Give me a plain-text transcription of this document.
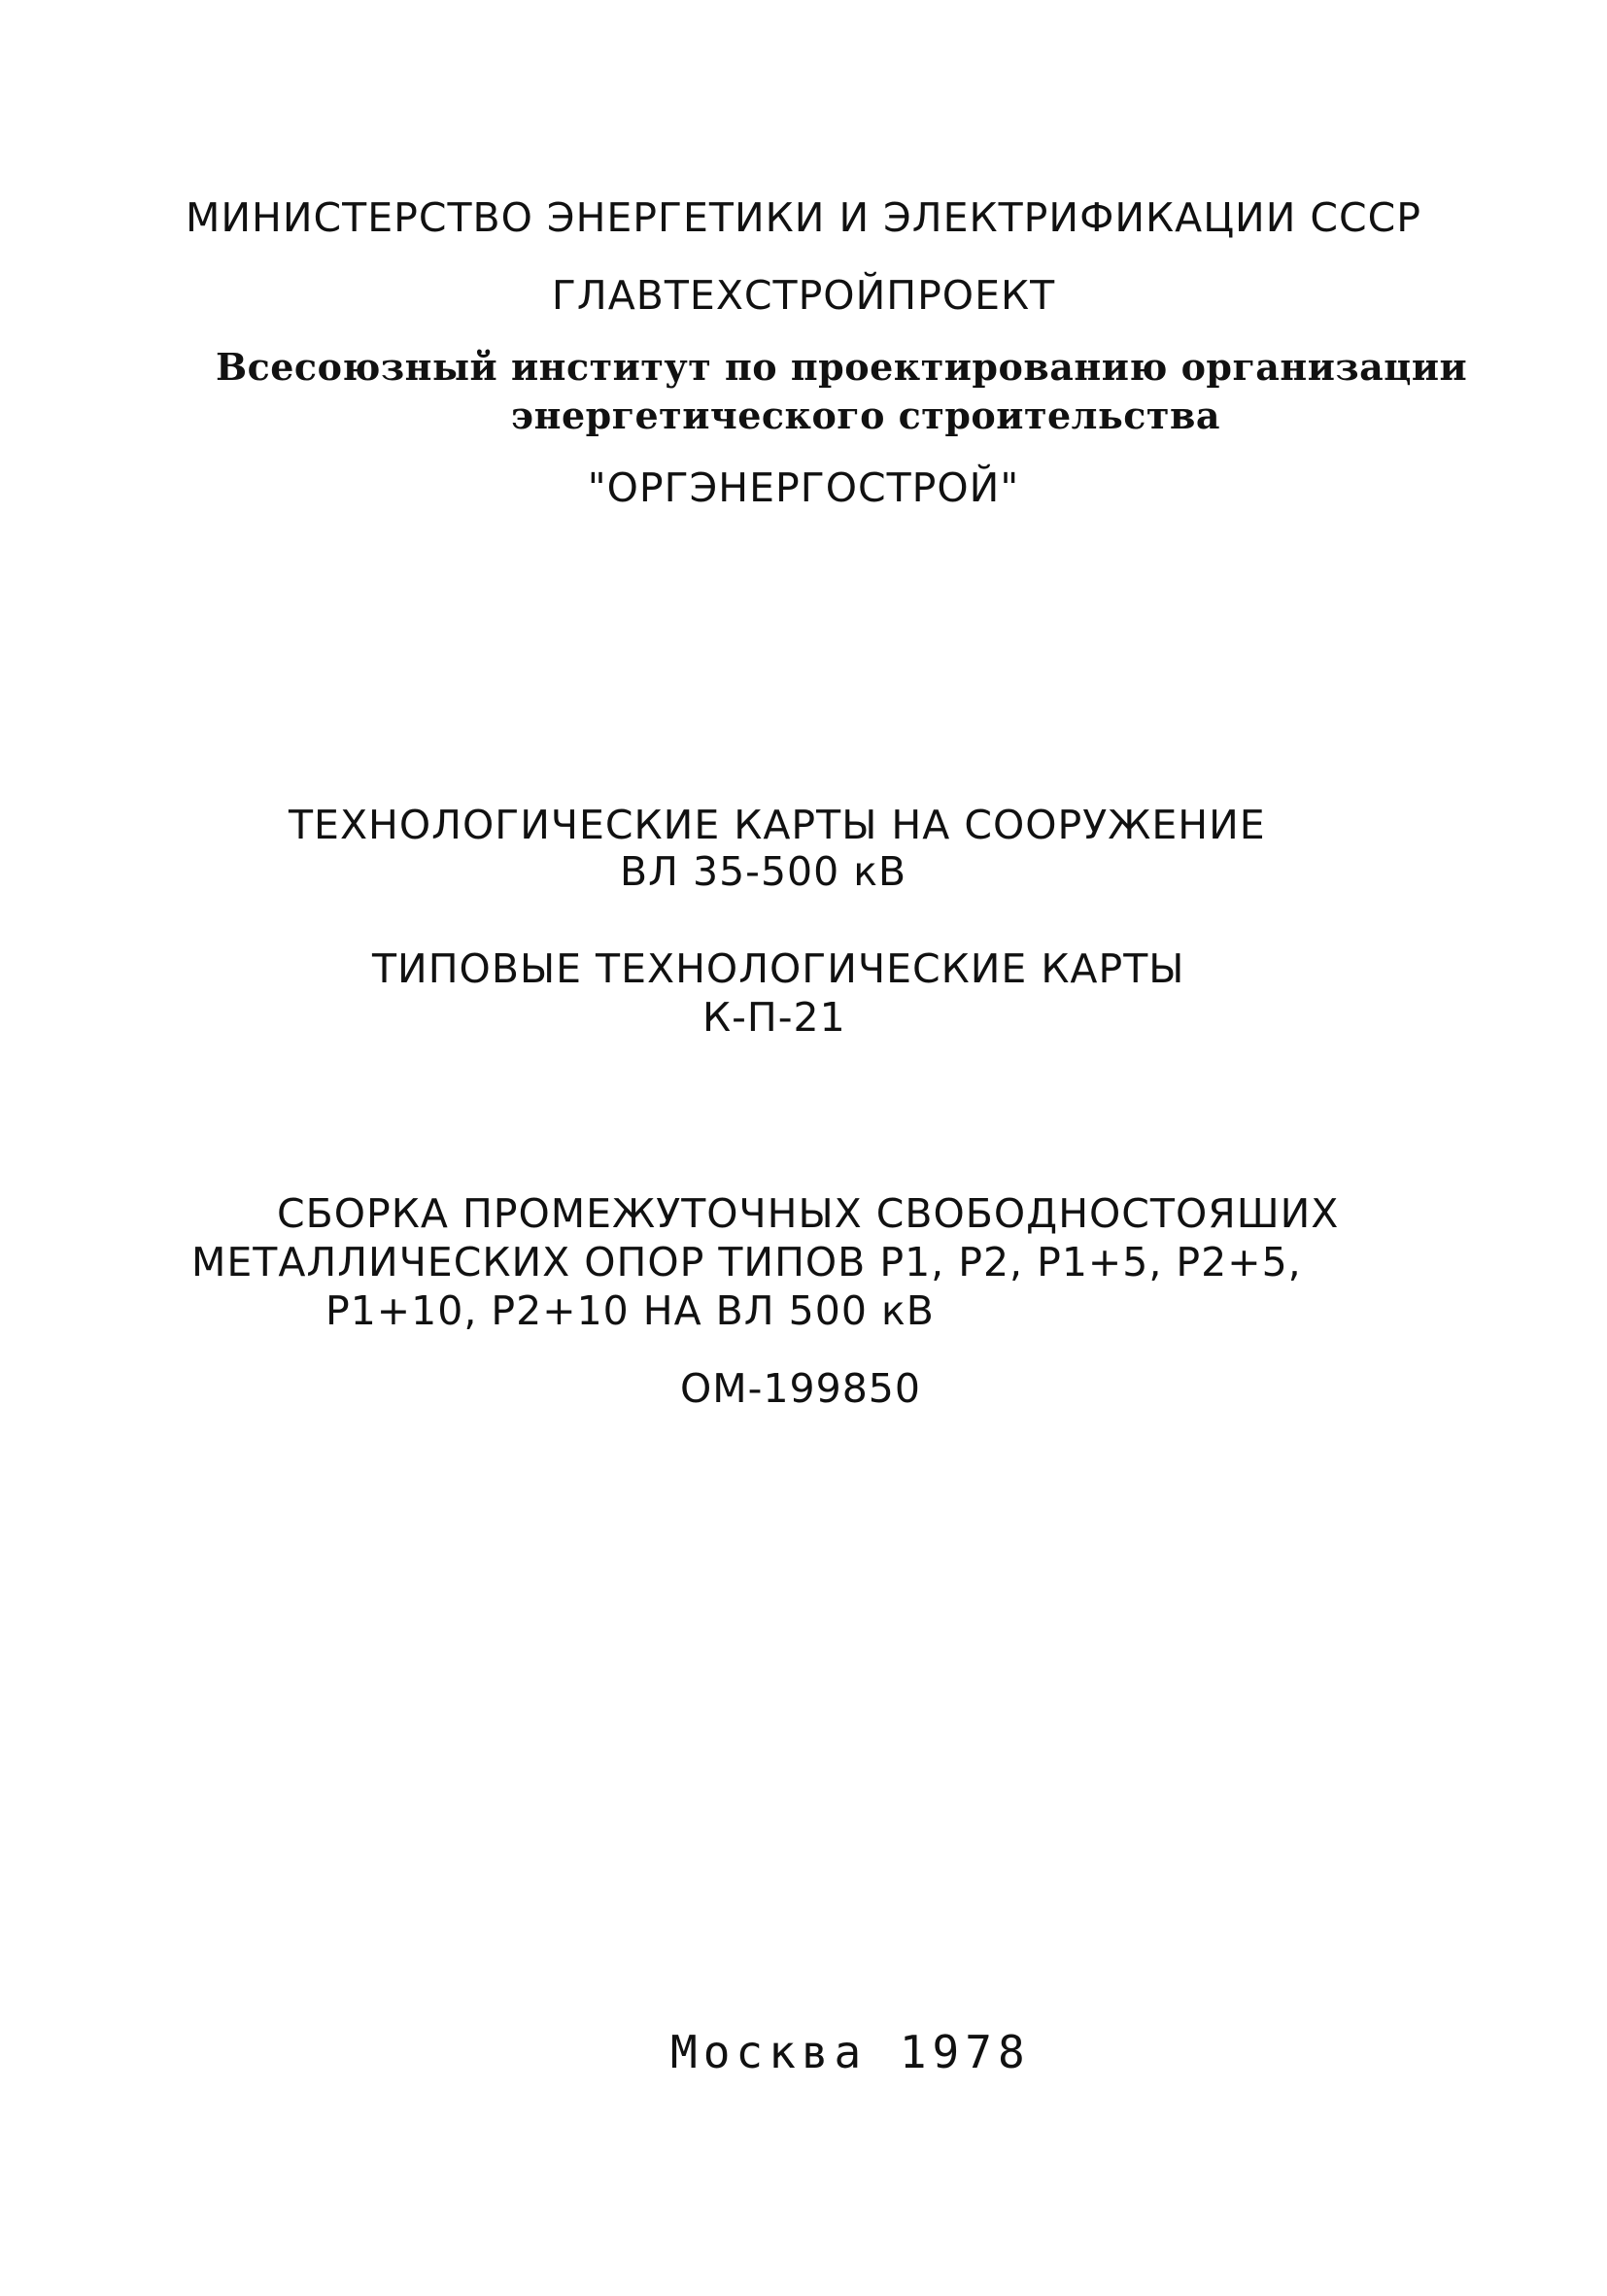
МИНИСТЕРСТВО ЭНЕРГЕТИКИ И ЭЛЕКТРИФИКАЦИИ СССР
ГЛАВТЕХСТРОЙПРОЕКТ
Всесоюзный институт по проектированию организации
энергетического строительства
"ОРГЭНЕРГОСТРОЙ"
ТЕХНОЛОГИЧЕСКИЕ КАРТЫ НА СООРУЖЕНИЕ
ВЛ 35-500 кВ
ТИПОВЫЕ ТЕХНОЛОГИЧЕСКИЕ КАРТЫ
К-П-21
СБОРКА ПРОМЕЖУТОЧНЫХ СВОБОДНОСТОЯШИХ
МЕТАЛЛИЧЕСКИХ ОПОР ТИПОВ Р1, Р2, Р1+5, Р2+5,
Р1+10, Р2+10 НА ВЛ 500 кВ
ОМ-199850
Москва 1978
